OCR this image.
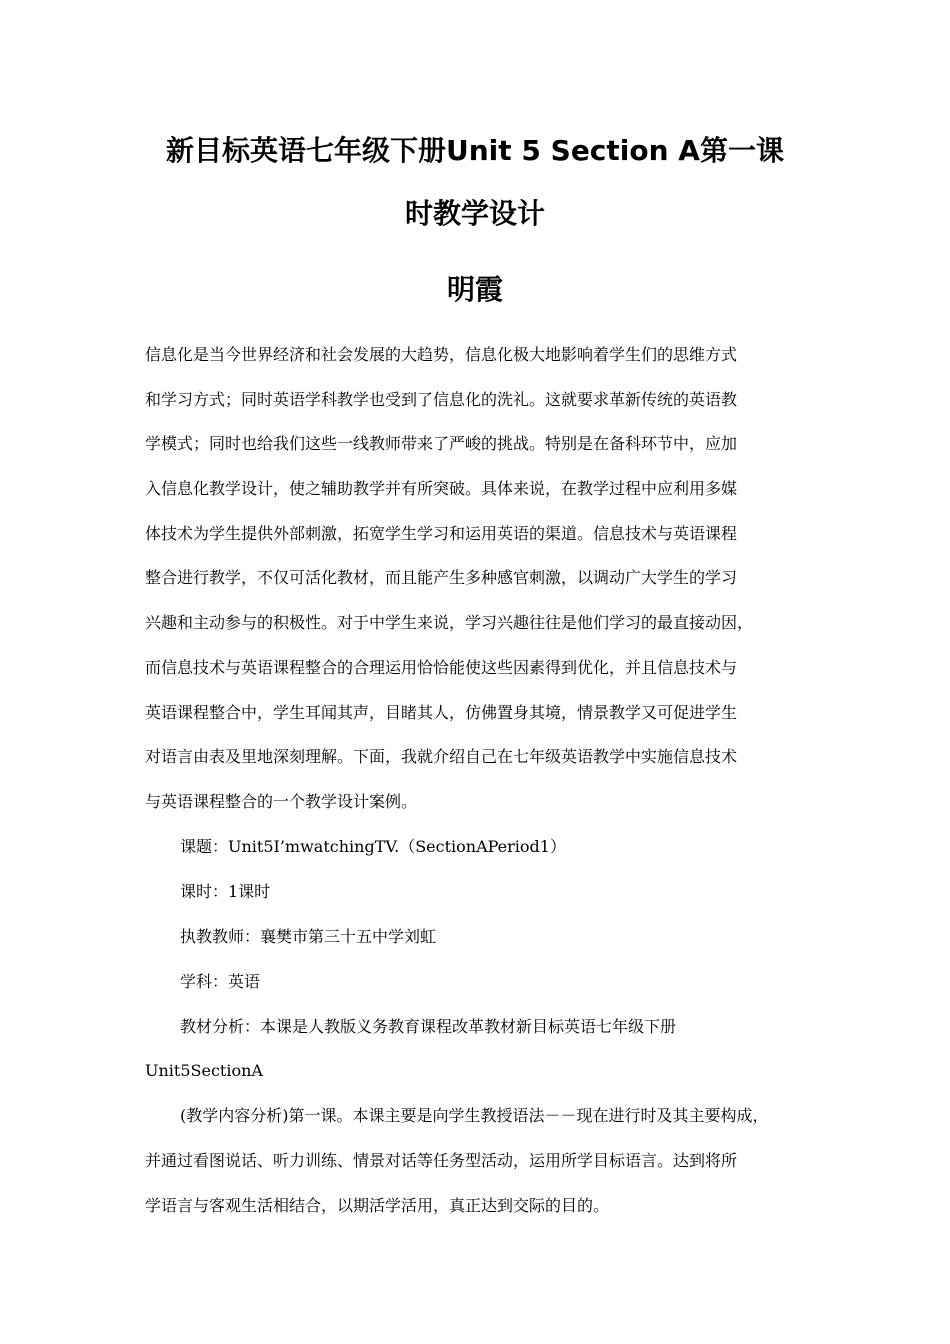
新目标英语七年级下册Unit 5 Section A第一课
时教学设计
明霞
信息化是当今世界经济和社会发展的大趋势，信息化极大地影响着学生们的思维方式
和学习方式；同时英语学科教学也受到了信息化的洗礼。这就要求革新传统的英语教
学模式；同时也给我们这些一线教师带来了严峻的挑战。特别是在备科环节中，应加
入信息化教学设计，使之辅助教学并有所突破。具体来说，在教学过程中应利用多媒
体技术为学生提供外部刺激，拓宽学生学习和运用英语的渠道。信息技术与英语课程
整合进行教学，不仅可活化教材，而且能产生多种感官刺激，以调动广大学生的学习
兴趣和主动参与的积极性。对于中学生来说，学习兴趣往往是他们学习的最直接动因，
而信息技术与英语课程整合的合理运用恰恰能使这些因素得到优化，并且信息技术与
英语课程整合中，学生耳闻其声，目睹其人，仿佛置身其境，情景教学又可促进学生
对语言由表及里地深刻理解。下面，我就介绍自己在七年级英语教学中实施信息技术
与英语课程整合的一个教学设计案例。
课题：Unit5I’mwatchingTV.（SectionAPeriod1）
课时：1课时
执教教师：襄樊市第三十五中学刘虹
学科：英语
教材分析：本课是人教版义务教育课程改革教材新目标英语七年级下册
Unit5SectionA
(教学内容分析)第一课。本课主要是向学生教授语法－－现在进行时及其主要构成，
并通过看图说话、听力训练、情景对话等任务型活动，运用所学目标语言。达到将所
学语言与客观生活相结合，以期活学活用，真正达到交际的目的。
